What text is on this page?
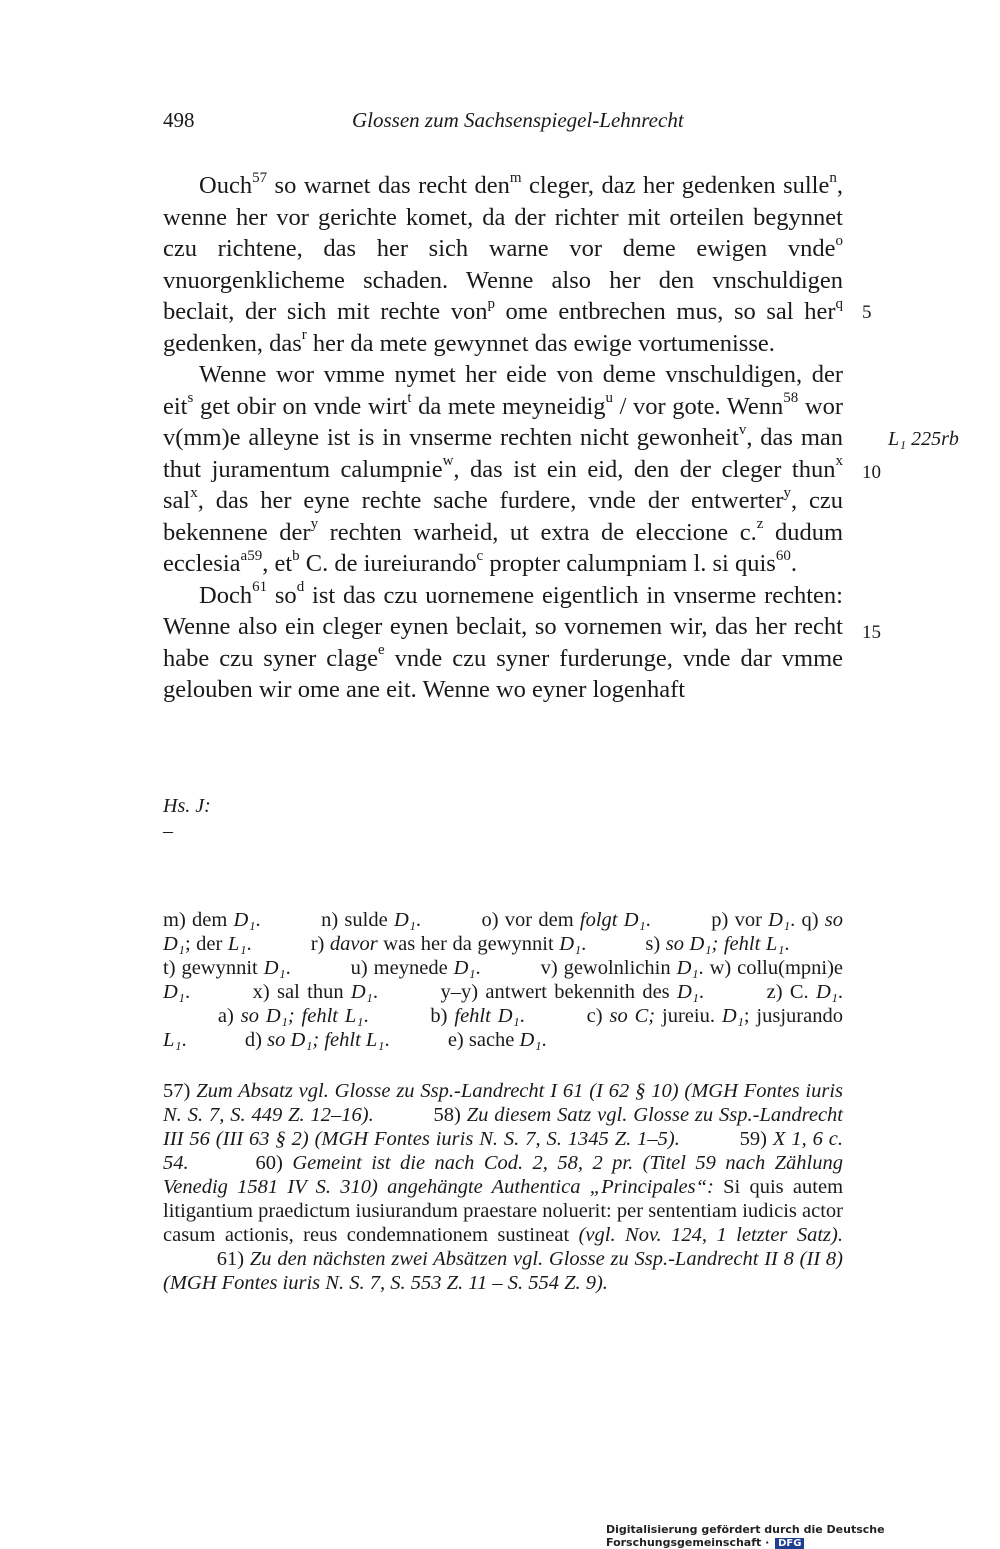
498	Glossen zum Sachsenspiegel-Lehnrecht

Ouch$^{57}$ so warnet das recht den$^m$ cleger, daz her gedenken sulle$^n$, wenne her vor gerichte komet, da der richter mit orteilen begynnet czu richtene, das her sich warne vor deme ewigen vnde$^o$ vnuorgenklicheme schaden. Wenne also her den vnschuldigen beclait, der sich mit rechte von$^p$ ome entbrechen mus, so sal her$^q$ gedenken, das$^r$ her da mete gewynnet das ewige vortumenisse.

Wenne wor vmme nymet her eide von deme vnschuldigen, der eit$^s$ get obir on vnde wirt$^t$ da mete meyneidig$^u$ / vor gote. Wenn$^{58}$ wor v(mm)e alleyne ist is in vnserme rechten nicht gewonheit$^v$, das man thut juramentum calumpnie$^w$, das ist ein eid, den der cleger thun$^x$ sal$^x$, das her eyne rechte sache furdere, vnde der entwerter$^y$, czu bekennene der$^y$ rechten warheid, ut extra de eleccione c.$^z$ dudum ecclesia$^{a59}$, $et^b$ C. de iureiurando$^c$ propter calumpniam l. si quis$^{60}$.

Doch$^{61}$ $so^d$ ist das czu uornemene eigentlich in vnserme rechten: Wenne also ein cleger eynen beclait, so vornemen wir, das her recht habe czu syner clage$^e$ vnde czu syner furderunge, vnde dar vmme gelouben wir ome ane eit. Wenne wo eyner logenhaft

L₁ 225rb
5
10
15
Hs. J:
–

m) dem D₁.  n) sulde D₁.  o) vor dem folgt D₁.  p) vor D₁. q) so D₁; der L₁.  r) davor was her da gewynnit D₁.  s) so D₁; fehlt L₁.  t) gewynnit D₁.  u) meynede D₁.  v) gewolnlichin D₁. w) collu(mpni)e D₁.  x) sal thun D₁.  y–y) antwert bekennith des D₁.  z) C. D₁.  a) so D₁; fehlt L₁.  b) fehlt D₁.  c) so C; jureiu. D₁; jusjurando L₁.  d) so D₁; fehlt L₁.  e) sache D₁.

57) Zum Absatz vgl. Glosse zu Ssp.-Landrecht I 61 (I 62 § 10) (MGH Fontes iuris N. S. 7, S. 449 Z. 12–16).	58) Zu diesem Satz vgl. Glosse zu Ssp.-Landrecht III 56 (III 63 § 2) (MGH Fontes iuris N. S. 7, S. 1345 Z. 1–5).	59) X 1, 6 c. 54.	60) Gemeint ist die nach Cod. 2, 58, 2 pr. (Titel 59 nach Zählung Venedig 1581 IV S. 310) angehängte Authentica „Principales“: Si quis autem litigantium praedictum iusiurandum praestare noluerit: per sententiam iudicis actor casum actionis, reus condemnationem sustineat (vgl. Nov. 124, 1 letzter Satz).  61) Zu den nächsten zwei Absätzen vgl. Glosse zu Ssp.-Landrecht II 8 (II 8) (MGH Fontes iuris N. S. 7, S. 553 Z. 11 – S. 554 Z. 9).

Digitalisierung gefördert durch die Deutsche Forschungsgemeinschaft · DFG
